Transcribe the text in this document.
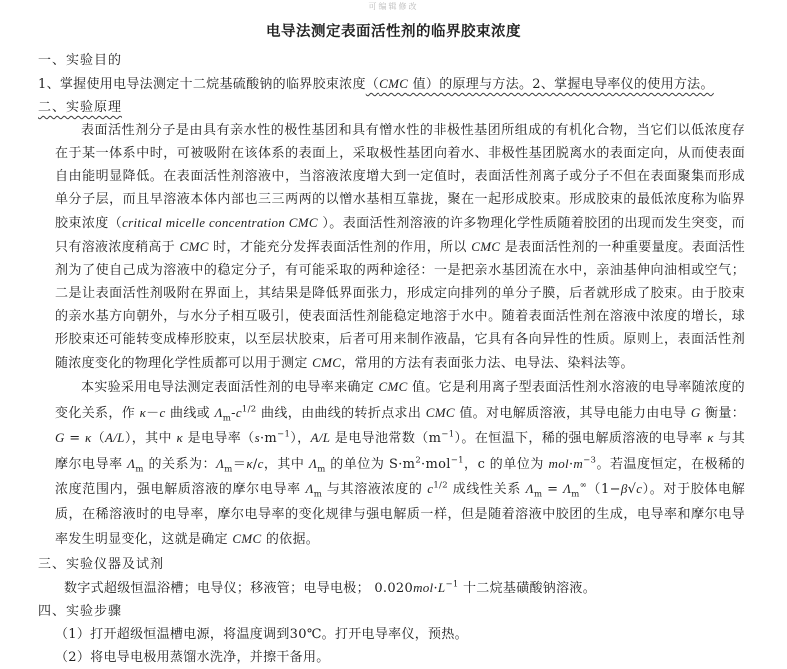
可编辑修改
电导法测定表面活性剂的临界胶束浓度
一、实验目的
1、掌握使用电导法测定十二烷基硫酸钠的临界胶束浓度（CMC 值）的原理与方法。2、掌握电导率仪的使用方法。
二、实验原理

表面活性剂分子是由具有亲水性的极性基团和具有憎水性的非极性基团所组成的有机化合物，当它们以低浓度存在于某一体系中时，可被吸附在该体系的表面上，采取极性基团向着水、非极性基团脱离水的表面定向，从而使表面自由能明显降低。在表面活性剂溶液中，当溶液浓度增大到一定值时，表面活性剂离子或分子不但在表面聚集而形成单分子层，而且早溶液本体内部也三三两两的以憎水基相互靠拢，聚在一起形成胶束。形成胶束的最低浓度称为临界胶束浓度（critical micelle concentration CMC ）。表面活性剂溶液的许多物理化学性质随着胶团的出现而发生突变，而只有溶液浓度稍高于 CMC 时，才能充分发挥表面活性剂的作用，所以 CMC 是表面活性剂的一种重要量度。表面活性剂为了使自己成为溶液中的稳定分子，有可能采取的两种途径：一是把亲水基团流在水中，亲油基伸向油相或空气；二是让表面活性剂吸附在界面上，其结果是降低界面张力，形成定向排列的单分子膜，后者就形成了胶束。由于胶束的亲水基方向朝外，与水分子相互吸引，使表面活性剂能稳定地溶于水中。随着表面活性剂在溶液中浓度的增长，球形胶束还可能转变成棒形胶束，以至层状胶束，后者可用来制作液晶，它具有各向异性的性质。原则上，表面活性剂随浓度变化的物理化学性质都可以用于测定 CMC，常用的方法有表面张力法、电导法、染料法等。

本实验采用电导法测定表面活性剂的电导率来确定 CMC 值。它是利用离子型表面活性剂水溶液的电导率随浓度的变化关系，作 κ－c 曲线或 $\Lambda_m-c^{1/2}$ 曲线，由曲线的转折点求出 CMC 值。对电解质溶液，其导电能力由电导 G 衡量：G = κ（A/L），其中 κ 是电导率$(s\cdot m^{-1})$，A/L 是电导池常数$(m^{-1})$。在恒温下，稀的强电解质溶液的电导率 κ 与其摩尔电导率 $\Lambda_m$ 的关系为：$\Lambda_m=\kappa/c$，其中 $\Lambda_m$ 的单位为 $S\cdot m^2\cdot mol^{-1}$，c 的单位为 $mol\cdot m^{-3}$。若温度恒定，在极稀的浓度范围内，强电解质溶液的摩尔电导率 $\Lambda_m$ 与其溶液浓度的 $c^{1/2}$ 成线性关系 $\Lambda_m = \Lambda_m^\infty(1-\beta√c)$。对于胶体电解质，在稀溶液时的电导率，摩尔电导率的变化规律与强电解质一样，但是随着溶液中胶团的生成，电导率和摩尔电导率发生明显变化，这就是确定 CMC 的依据。

三、实验仪器及试剂

数字式超级恒温浴槽；电导仪；移液管；电导电极； $0.020mol\cdot L^{-1}$ 十二烷基磺酸钠溶液。

四、实验步骤

（1）打开超级恒温槽电源，将温度调到30℃。打开电导率仪，预热。

（2）将电导电极用蒸馏水洗净，并擦干备用。
